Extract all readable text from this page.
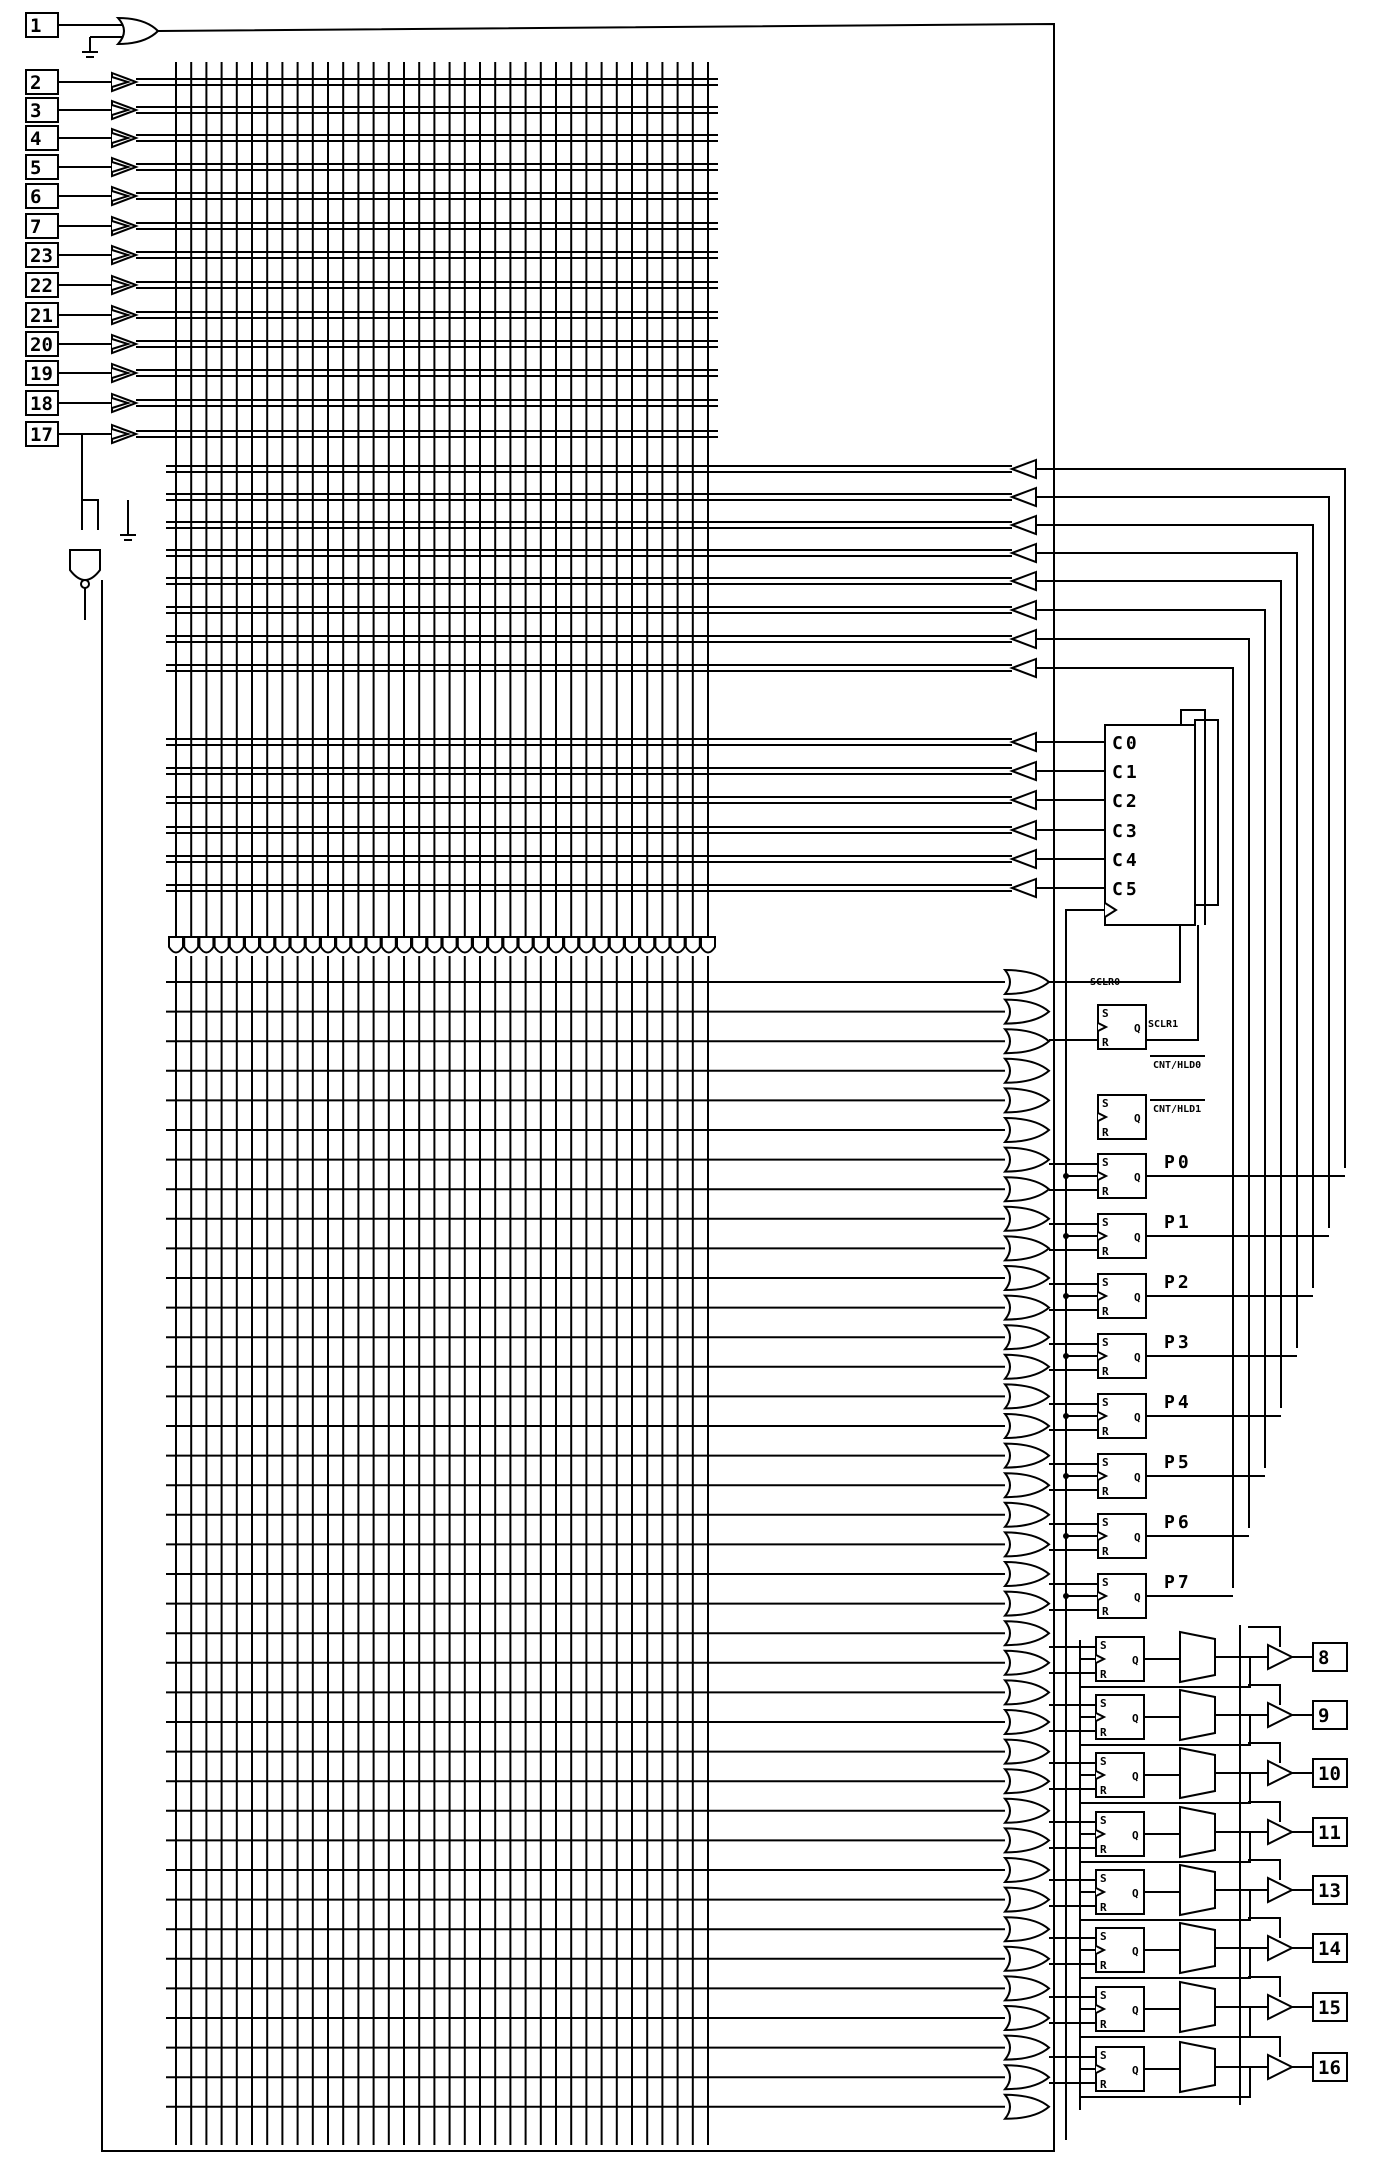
1
2
3
4
5
6
7
23
22
21
20
19
18
17
C0
C1
C2
C3
C4
C5
SCLR0
SCLR1
CNT/HLD0
CNT/HLD1
S
R
Q
S
R
Q
S
R
Q
P0
S
R
Q
P1
S
R
Q
P2
S
R
Q
P3
S
R
Q
P4
S
R
Q
P5
S
R
Q
P6
S
R
Q
P7
S
R
Q	8
S
R
Q	9
S
R
Q	10
S
R
Q	11
S
R
Q	13
S
R
Q	14
S
R
Q	15
S
R
Q	16
